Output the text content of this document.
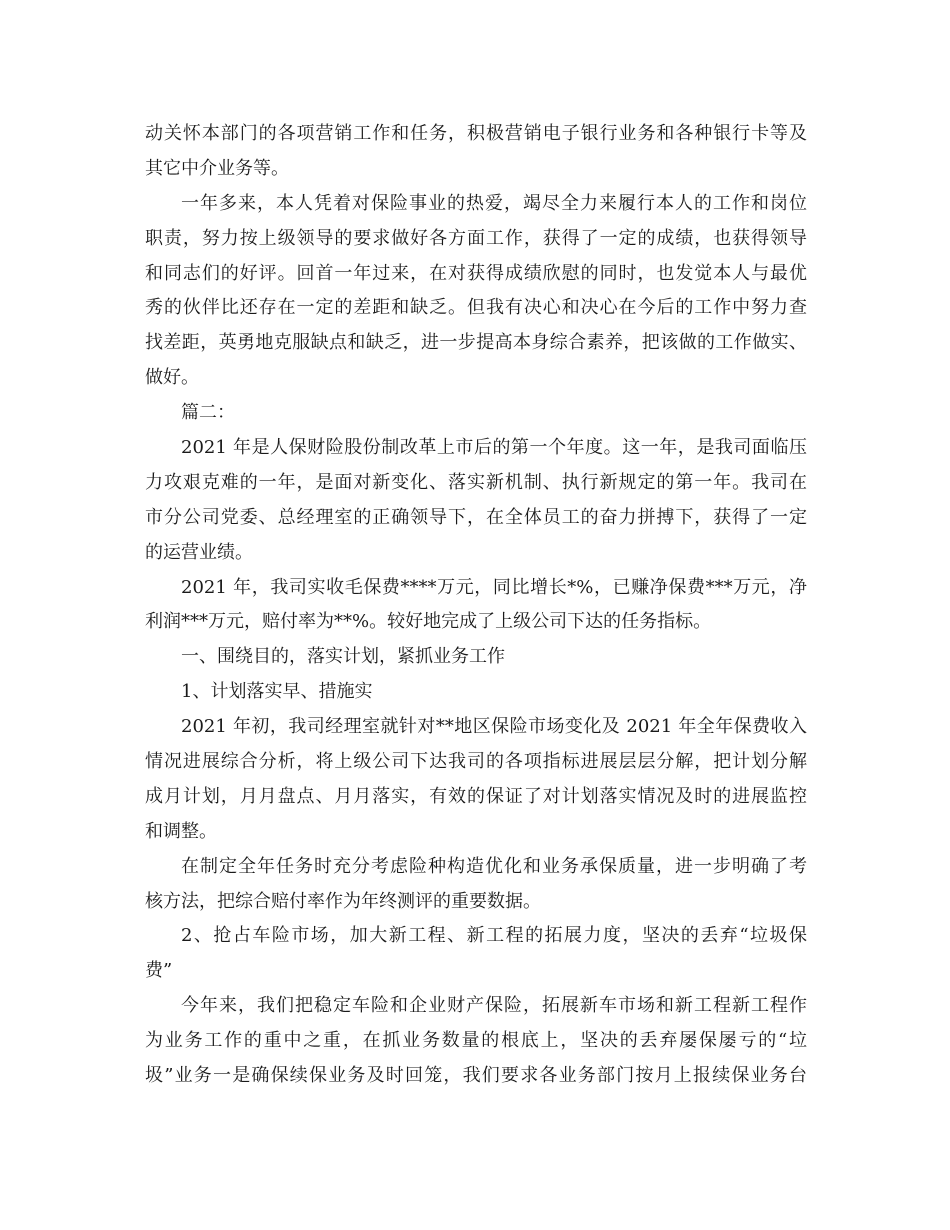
动关怀本部门的各项营销工作和任务，积极营销电子银行业务和各种银行卡等及
其它中介业务等。
一年多来，本人凭着对保险事业的热爱，竭尽全力来履行本人的工作和岗位
职责，努力按上级领导的要求做好各方面工作，获得了一定的成绩，也获得领导
和同志们的好评。回首一年过来，在对获得成绩欣慰的同时，也发觉本人与最优
秀的伙伴比还存在一定的差距和缺乏。但我有决心和决心在今后的工作中努力查
找差距，英勇地克服缺点和缺乏，进一步提高本身综合素养，把该做的工作做实、
做好。
篇二：
2021 年是人保财险股份制改革上市后的第一个年度。这一年，是我司面临压
力攻艰克难的一年，是面对新变化、落实新机制、执行新规定的第一年。我司在
市分公司党委、总经理室的正确领导下，在全体员工的奋力拼搏下，获得了一定
的运营业绩。
2021 年，我司实收毛保费****万元，同比增长*%，已赚净保费***万元，净
利润***万元，赔付率为**%。较好地完成了上级公司下达的任务指标。
一、围绕目的，落实计划，紧抓业务工作
1、计划落实早、措施实
2021 年初，我司经理室就针对**地区保险市场变化及 2021 年全年保费收入
情况进展综合分析，将上级公司下达我司的各项指标进展层层分解，把计划分解
成月计划，月月盘点、月月落实，有效的保证了对计划落实情况及时的进展监控
和调整。
在制定全年任务时充分考虑险种构造优化和业务承保质量，进一步明确了考
核方法，把综合赔付率作为年终测评的重要数据。
2、抢占车险市场，加大新工程、新工程的拓展力度，坚决的丢弃“垃圾保
费”
今年来，我们把稳定车险和企业财产保险，拓展新车市场和新工程新工程作
为业务工作的重中之重，在抓业务数量的根底上，坚决的丢弃屡保屡亏的“垃
圾”业务一是确保续保业务及时回笼，我们要求各业务部门按月上报续保业务台
